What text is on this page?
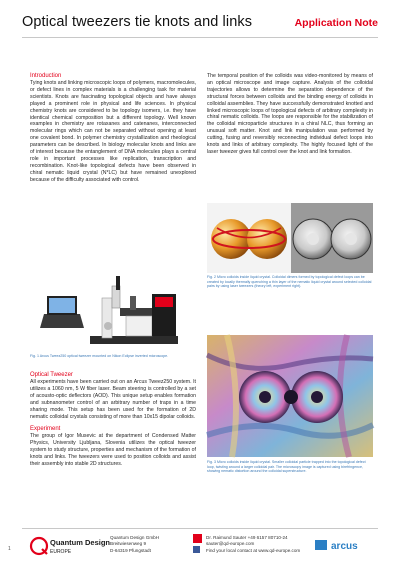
Optical tweezers tie knots and links	Application Note
Introduction
Tying knots and linking microscopic loops of polymers, macromolecules, or defect lines in complex materials is a challenging task for material scientists. Knots are fascinating topological objects and have always played a prominent role in physical and life sciences. In physical chemistry knots are considered to be topology isomers, i.e. they have identical chemical composition but a different topology. Well known examples in chemistry are rotaxanes and catenanes, interconnected molecular rings which can not be separated without opening at least one covalent bond. In polymer chemistry crystallization and rheological parameters can be described. In biology molecular knots and links are of interest because the entanglement of DNA molecules plays a central role in important processes like replication, transcription and recombination. Knot-like topological defects have been observed in chiral nematic liquid crystal (N*LC) but have remained unexplored because of the difficulty associated with control.
Fig. 1 Arcus Tweez250 optical tweezer mounted on Nikon Eclipse inverted microscope.
Optical Tweezer
All experiments have been carried out on an Arcus Tweez250 system. It utilizes a 1060 nm, 5 W fiber laser. Beam steering is controlled by a set of acousto-optic deflectors (AOD). This unique setup enables formation and subnanometer control of an arbitrary number of traps in a time sharing mode. This setup has been used for the formation of 2D nematic colloidal crystals consisting of more than 10x15 dipolar colloids.
Experiment
The group of Igor Musevic at the department of Condensed Matter Physics, University Ljubljana, Slovenia utilizes the optical tweezer system to study structure, properties and mechanism of the formation of knots and links. The tweezers were used to position colloids and assist their assembly into stable 2D structures.
The temporal position of the colloids was video-monitored by means of an optical microscope and image capture. Analysis of the colloidal trajectories allows to determine the separation dependence of the structural forces between colloids and the binding energy of colloids in colloidal assemblies. They have successfully demonstrated knotted and linked microscopic loops of topological defects of arbitrary complexity in chiral nematic colloids. The loops are responsible for the stabilization of the colloidal microparticle structures in a chiral NLC, thus forming an unusual soft matter. Knot and link manipulation was performed by cutting, fusing and reversibly reconnecting individual defect loops into knots and links of arbitrary complexity. The highly focused light of the laser tweezer gives full control over the knot and link formation.
Fig. 2 Micro colloids inside liquid crystal. Colloidal dimers formed by topological defect loops can be created by locally thermally quenching a thin layer of the nematic liquid crystal around selected colloidal pairs by using laser tweezers (theory left, experiment right).
Fig. 3 Micro colloids inside liquid crystal. Smaller colloidal particle trapped into the topological defect loop, twisting around a larger colloidal pair. The microscopy image is captured using birefringence, showing nematic distortion around the colloidal superstructure.
1
Quantum Design
EUROPE
Quantum Design GmbH
Breitwiesenweg 9
D-64319 Pfungstadt
Dr. Raimund Sauter +49 6157 80710-24
sauter@qd-europe.com
Find your local contact at www.qd-europe.com	arcus
